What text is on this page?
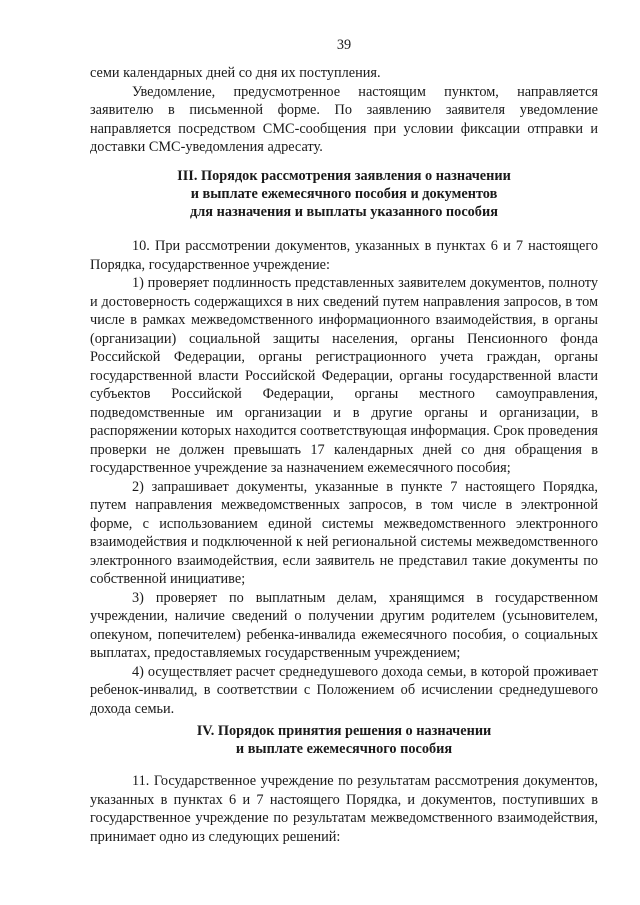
39

семи календарных дней со дня их поступления.

Уведомление, предусмотренное настоящим пунктом, направляется заявителю в письменной форме. По заявлению заявителя уведомление направляется посредством СМС-сообщения при условии фиксации отправки и доставки СМС-уведомления адресату.

III. Порядок рассмотрения заявления о назначении
и выплате ежемесячного пособия и документов
для назначения и выплаты указанного пособия

10. При рассмотрении документов, указанных в пунктах 6 и 7 настоящего Порядка, государственное учреждение:

1) проверяет подлинность представленных заявителем документов, полноту и достоверность содержащихся в них сведений путем направления запросов, в том числе в рамках межведомственного информационного взаимодействия, в органы (организации) социальной защиты населения, органы Пенсионного фонда Российской Федерации, органы регистрационного учета граждан, органы государственной власти Российской Федерации, органы государственной власти субъектов Российской Федерации, органы местного самоуправления, подведомственные им организации и в другие органы и организации, в распоряжении которых находится соответствующая информация. Срок проведения проверки не должен превышать 17 календарных дней со дня обращения в государственное учреждение за назначением ежемесячного пособия;

2) запрашивает документы, указанные в пункте 7 настоящего Порядка, путем направления межведомственных запросов, в том числе в электронной форме, с использованием единой системы межведомственного электронного взаимодействия и подключенной к ней региональной системы межведомственного электронного взаимодействия, если заявитель не представил такие документы по собственной инициативе;

3) проверяет по выплатным делам, хранящимся в государственном учреждении, наличие сведений о получении другим родителем (усыновителем, опекуном, попечителем) ребенка-инвалида ежемесячного пособия, о социальных выплатах, предоставляемых государственным учреждением;

4) осуществляет расчет среднедушевого дохода семьи, в которой проживает ребенок-инвалид, в соответствии с Положением об исчислении среднедушевого дохода семьи.

IV. Порядок принятия решения о назначении
и выплате ежемесячного пособия

11. Государственное учреждение по результатам рассмотрения документов, указанных в пунктах 6 и 7 настоящего Порядка, и документов, поступивших в государственное учреждение по результатам межведомственного взаимодействия, принимает одно из следующих решений:
